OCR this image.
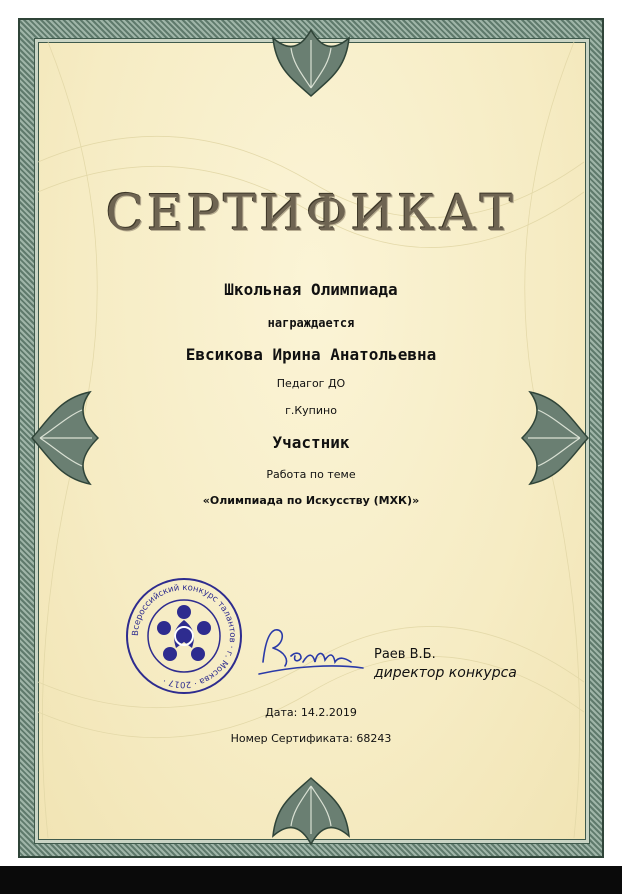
СЕРТИФИКАТ
Школьная Олимпиада
награждается
Евсикова Ирина Анатольевна
Педагог ДО
г.Купино
Участник
Работа по теме
«Олимпиада по Искусству (МХК)»
Всероссийский конкурс талантов · г. Москва · 2017 ·
Раев В.Б.
директор конкурса
Дата: 14.2.2019
Номер Сертификата: 68243
